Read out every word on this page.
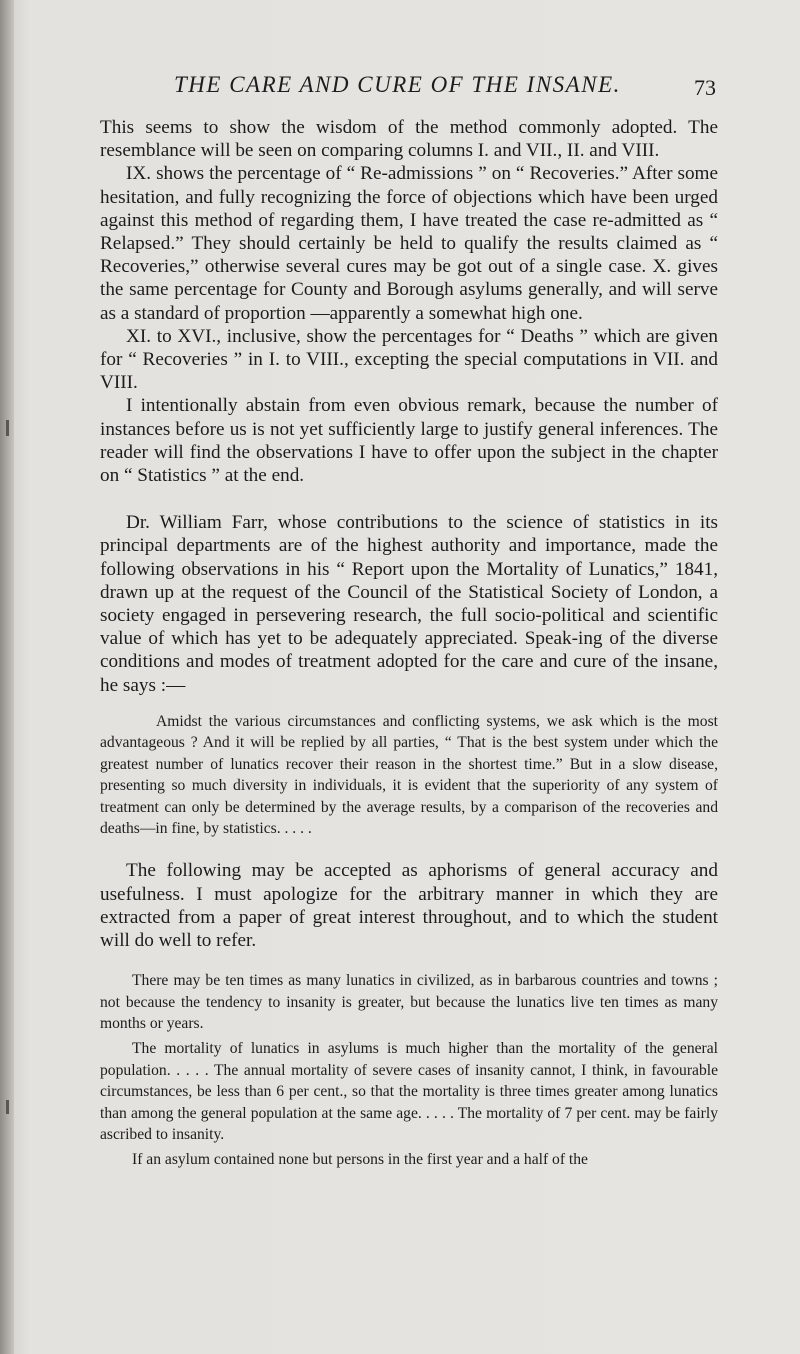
THE CARE AND CURE OF THE INSANE.	73

This seems to show the wisdom of the method commonly adopted. The resemblance will be seen on comparing columns I. and VII., II. and VIII.

IX. shows the percentage of “ Re-admissions ” on “ Recoveries.” After some hesitation, and fully recognizing the force of objections which have been urged against this method of regarding them, I have treated the case re-admitted as “ Relapsed.” They should certainly be held to qualify the results claimed as “ Recoveries,” otherwise several cures may be got out of a single case. X. gives the same percentage for County and Borough asylums generally, and will serve as a standard of proportion —apparently a somewhat high one.

XI. to XVI., inclusive, show the percentages for “ Deaths ” which are given for “ Recoveries ” in I. to VIII., excepting the special computations in VII. and VIII.

I intentionally abstain from even obvious remark, because the number of instances before us is not yet sufficiently large to justify general inferences. The reader will find the observations I have to offer upon the subject in the chapter on “ Statistics ” at the end.

Dr. William Farr, whose contributions to the science of statistics in its principal departments are of the highest authority and importance, made the following observations in his “ Report upon the Mortality of Lunatics,” 1841, drawn up at the request of the Council of the Statistical Society of London, a society engaged in persevering research, the full socio-political and scientific value of which has yet to be adequately appreciated. Speak-ing of the diverse conditions and modes of treatment adopted for the care and cure of the insane, he says :—

Amidst the various circumstances and conflicting systems, we ask which is the most advantageous ? And it will be replied by all parties, “ That is the best system under which the greatest number of lunatics recover their reason in the shortest time.” But in a slow disease, presenting so much diversity in individuals, it is evident that the superiority of any system of treatment can only be determined by the average results, by a comparison of the recoveries and deaths—in fine, by statistics. . . . .

The following may be accepted as aphorisms of general accuracy and usefulness. I must apologize for the arbitrary manner in which they are extracted from a paper of great interest throughout, and to which the student will do well to refer.

There may be ten times as many lunatics in civilized, as in barbarous countries and towns ; not because the tendency to insanity is greater, but because the lunatics live ten times as many months or years.

The mortality of lunatics in asylums is much higher than the mortality of the general population. . . . . The annual mortality of severe cases of insanity cannot, I think, in favourable circumstances, be less than 6 per cent., so that the mortality is three times greater among lunatics than among the general population at the same age. . . . . The mortality of 7 per cent. may be fairly ascribed to insanity.

If an asylum contained none but persons in the first year and a half of the
